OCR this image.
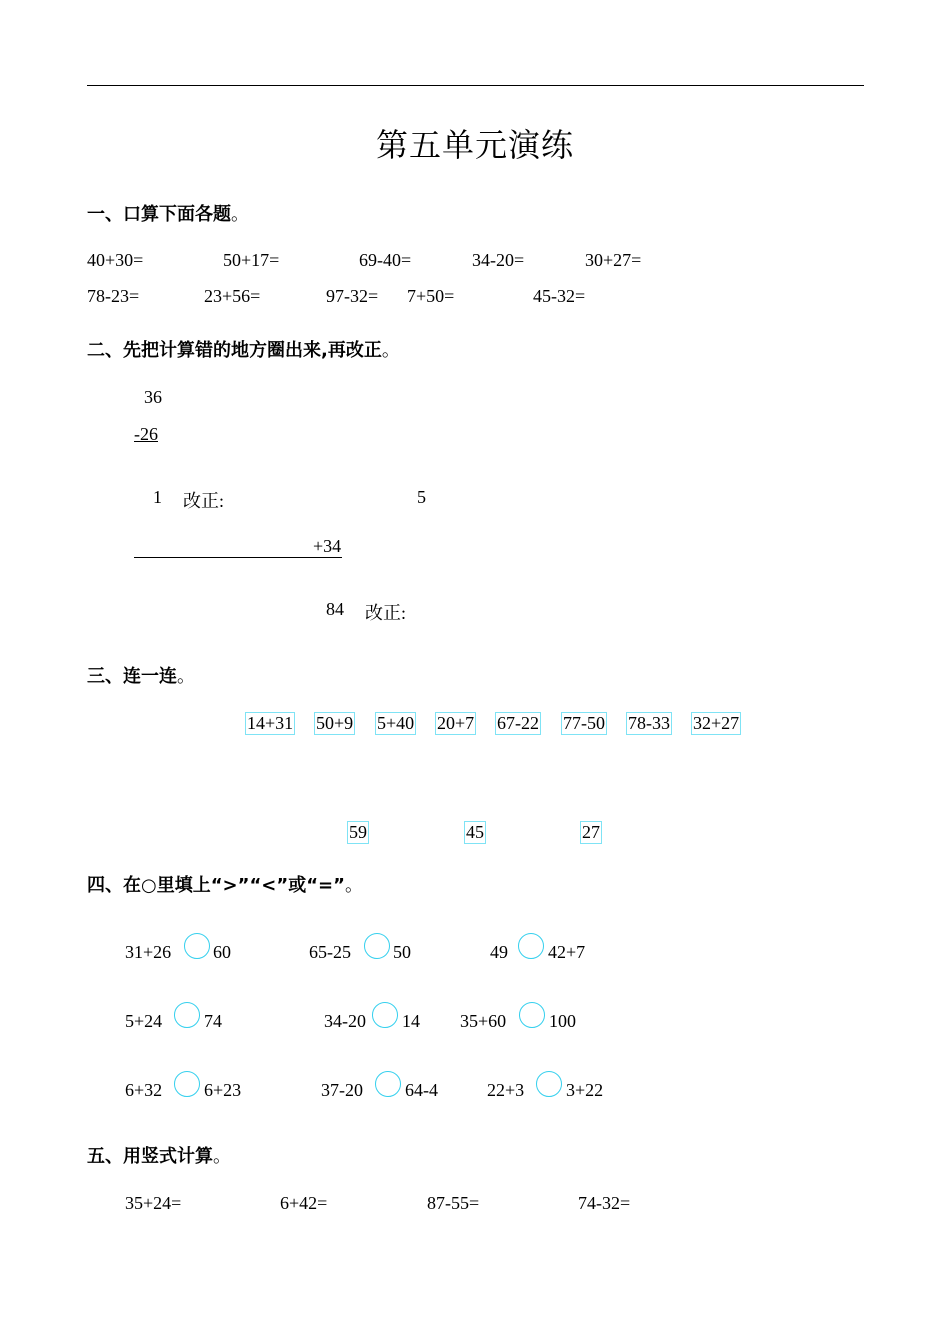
第五单元演练
一、口算下面各题。
40+30=	50+17=	69-40=	34-20=	30+27=
78-23=	23+56=	97-32= 7+50=	45-32=
二、先把计算错的地方圈出来,再改正。
36
-26
1 改正:	5
+34
84 改正:
三、连一连。
14+31 50+9 5+40 20+7 67-22 77-50 78-33 32+27
59	45	27
四、在○里填上“>”“<”或“=”。
31+26 60	65-25 50	49 42+7
5+24 74	34-20 14 35+60 100
6+32 6+23	37-20 64-4	22+3 3+22
五、用竖式计算。
35+24=	6+42=	87-55=	74-32=
